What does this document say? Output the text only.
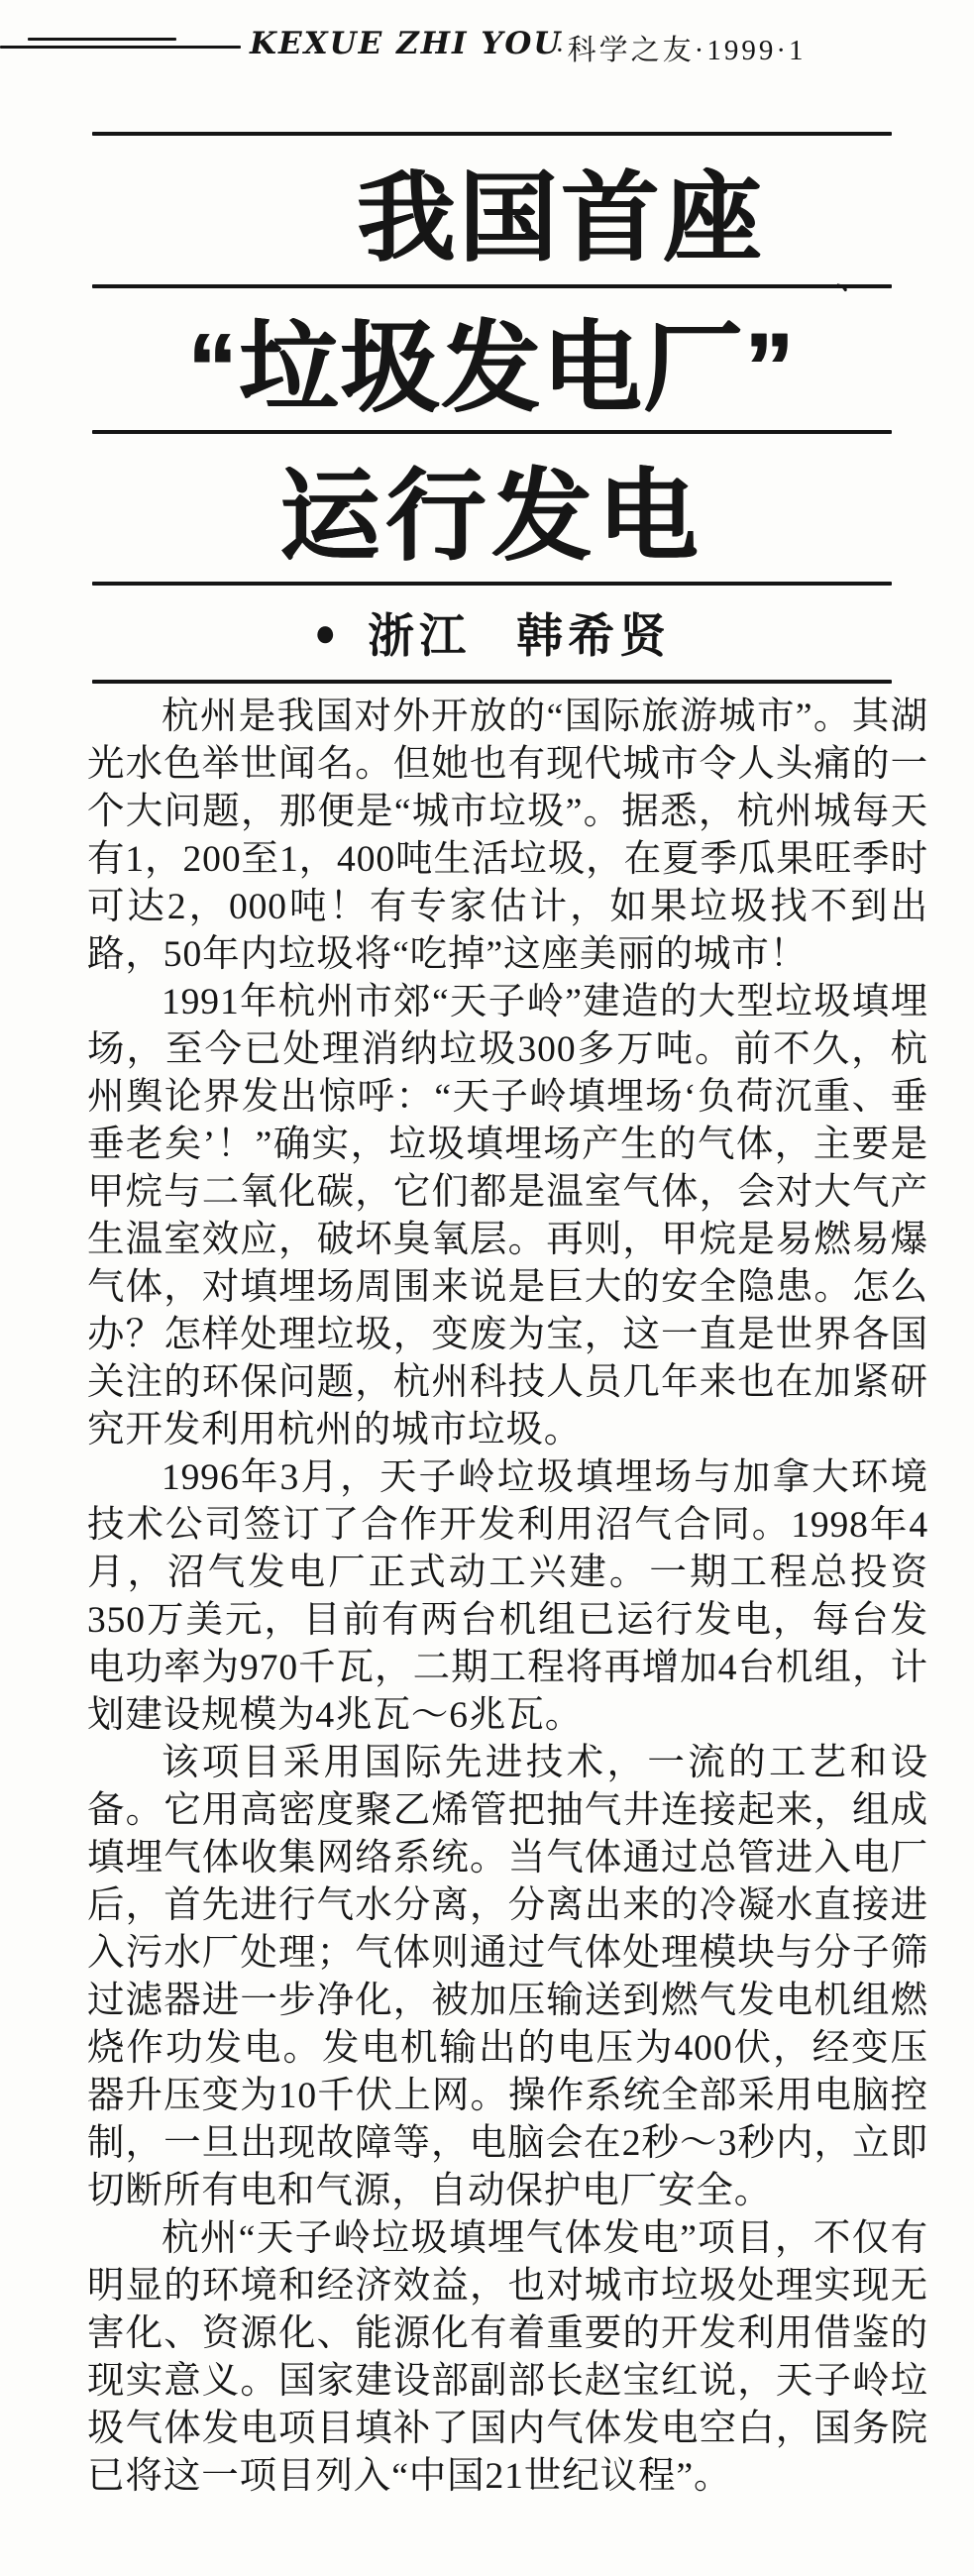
KEXUE ZHI YOU
·科学之友·1999·1
我国首座
、
“垃圾发电厂”
运行发电
● 浙江 韩希贤

杭州是我国对外开放的“国际旅游城市”。其湖光水色举世闻名。但她也有现代城市令人头痛的一个大问题，那便是“城市垃圾”。据悉，杭州城每天有1，200至1，400吨生活垃圾，在夏季瓜果旺季时可达2，000吨！有专家估计，如果垃圾找不到出路，50年内垃圾将“吃掉”这座美丽的城市！

1991年杭州市郊“天子岭”建造的大型垃圾填埋场，至今已处理消纳垃圾300多万吨。前不久，杭州舆论界发出惊呼：“天子岭填埋场‘负荷沉重、垂垂老矣’！”确实，垃圾填埋场产生的气体，主要是甲烷与二氧化碳，它们都是温室气体，会对大气产生温室效应，破坏臭氧层。再则，甲烷是易燃易爆气体，对填埋场周围来说是巨大的安全隐患。怎么办？怎样处理垃圾，变废为宝，这一直是世界各国关注的环保问题，杭州科技人员几年来也在加紧研究开发利用杭州的城市垃圾。

1996年3月，天子岭垃圾填埋场与加拿大环境技术公司签订了合作开发利用沼气合同。1998年4月，沼气发电厂正式动工兴建。一期工程总投资350万美元，目前有两台机组已运行发电，每台发电功率为970千瓦，二期工程将再增加4台机组，计划建设规模为4兆瓦～6兆瓦。

该项目采用国际先进技术，一流的工艺和设备。它用高密度聚乙烯管把抽气井连接起来，组成填埋气体收集网络系统。当气体通过总管进入电厂后，首先进行气水分离，分离出来的冷凝水直接进入污水厂处理；气体则通过气体处理模块与分子筛过滤器进一步净化，被加压输送到燃气发电机组燃烧作功发电。发电机输出的电压为400伏，经变压器升压变为10千伏上网。操作系统全部采用电脑控制，一旦出现故障等，电脑会在2秒～3秒内，立即切断所有电和气源，自动保护电厂安全。

杭州“天子岭垃圾填埋气体发电”项目，不仅有明显的环境和经济效益，也对城市垃圾处理实现无害化、资源化、能源化有着重要的开发利用借鉴的现实意义。国家建设部副部长赵宝红说，天子岭垃圾气体发电项目填补了国内气体发电空白，国务院已将这一项目列入“中国21世纪议程”。
